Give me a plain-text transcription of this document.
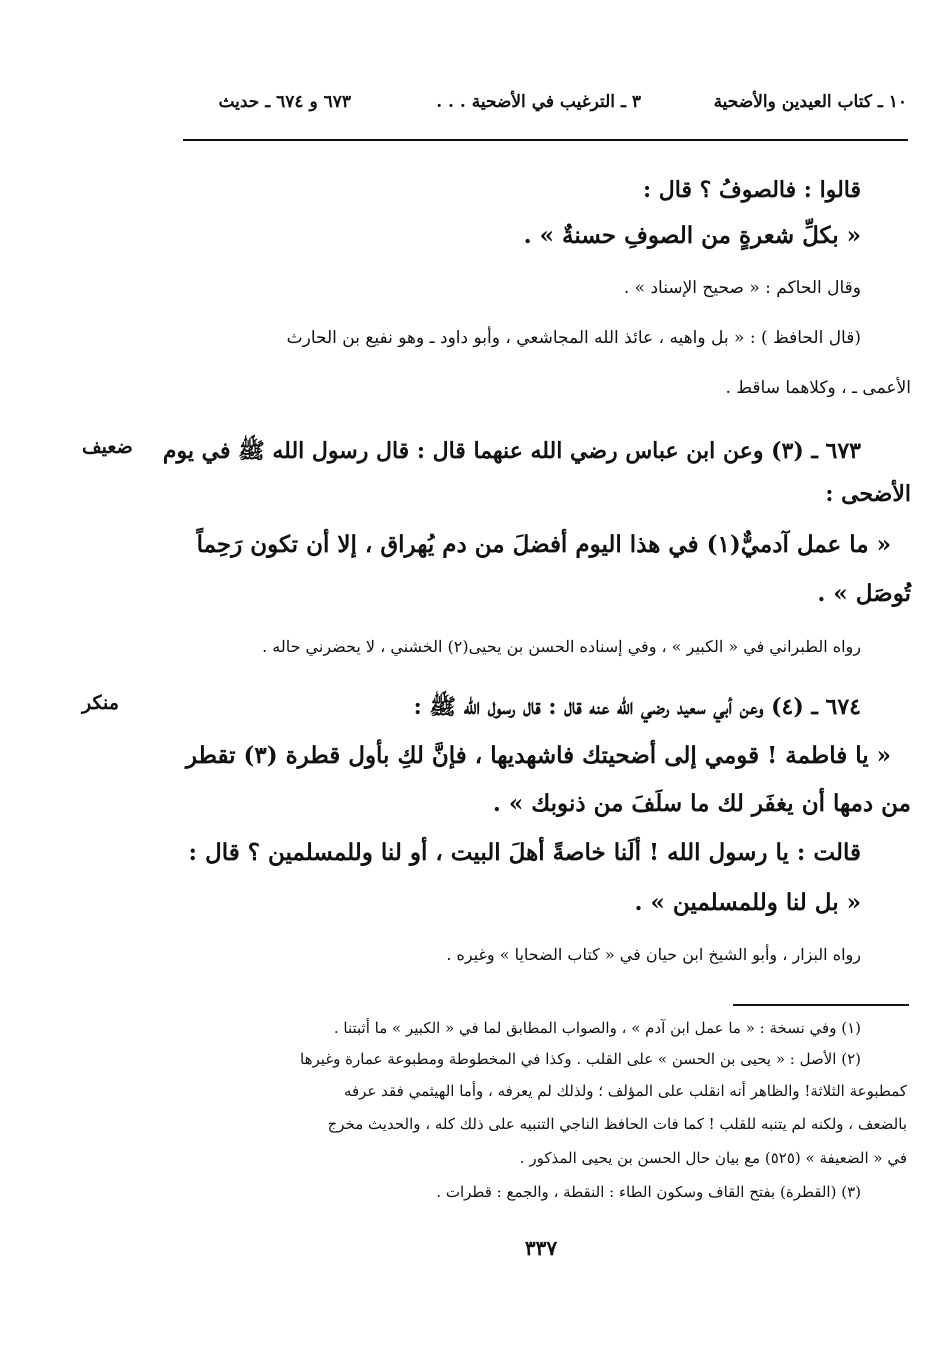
١٠ ـ كتاب العيدين والأضحية
٣ ـ الترغيب في الأضحية . . .
٦٧٣ و ٦٧٤ ـ حديث
قالوا : فالصوفُ ؟ قال :
« بكلِّ شعرةٍ من الصوفِ حسنةٌ » .
وقال الحاكم : « صحيح الإسناد » .
(قال الحافظ ) : « بل واهيه ، عائذ الله المجاشعي ، وأبو داود ـ وهو نفيع بن الحارث
الأعمى ـ ، وكلاهما ساقط .
ضعيف ٦٧٣ ـ (٣) وعن ابن عباس رضي الله عنهما قال : قال رسول الله ﷺ في يوم
الأضحى :
« ما عمل آدميٌّ(١) في هذا اليوم أفضلَ من دم يُهراق ، إلا أن تكون رَحِماً
تُوصَل » .
رواه الطبراني في « الكبير » ، وفي إسناده الحسن بن يحيى(٢) الخشني ، لا يحضرني حاله .
منكر	٦٧٤ ـ (٤) وعن أبي سعيد رضي الله عنه قال : قال رسول الله ﷺ :
« يا فاطمة ! قومي إلى أضحيتك فاشهديها ، فإنَّ لكِ بأول قطرة (٣) تقطر
من دمها أن يغفَر لك ما سلَفَ من ذنوبك » .
قالت : يا رسول الله ! ألَنا خاصةً أهلَ البيت ، أو لنا وللمسلمين ؟ قال :
« بل لنا وللمسلمين » .
رواه البزار ، وأبو الشيخ ابن حيان في « كتاب الضحايا » وغيره .
(١) وفي نسخة : « ما عمل ابن آدم » ، والصواب المطابق لما في « الكبير » ما أثبتنا .
(٢) الأصل : « يحيى بن الحسن » على القلب . وكذا في المخطوطة ومطبوعة عمارة وغيرها
كمطبوعة الثلاثة! والظاهر أنه انقلب على المؤلف ؛ ولذلك لم يعرفه ، وأما الهيثمي فقد عرفه
بالضعف ، ولكنه لم يتنبه للقلب ! كما فات الحافظ الناجي التنبيه على ذلك كله ، والحديث مخرج
في « الضعيفة » (٥٢٥) مع بيان حال الحسن بن يحيى المذكور .
(٣) (القطرة) بفتح القاف وسكون الطاء : النقطة ، والجمع : قطرات .
٣٣٧
